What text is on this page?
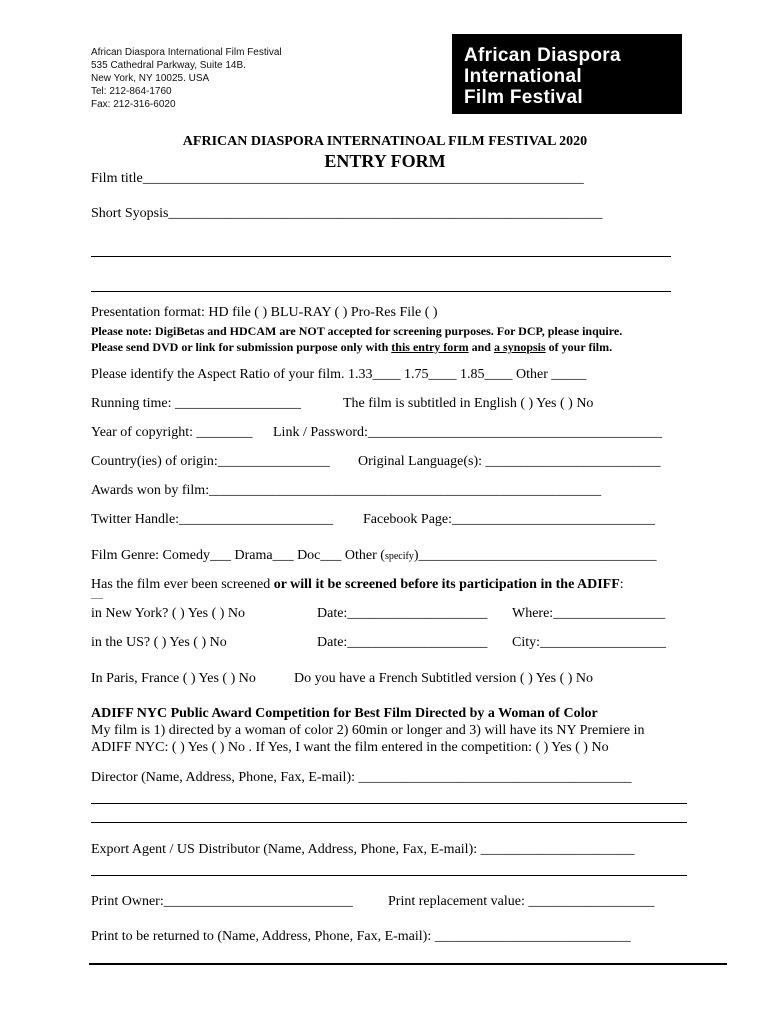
African Diaspora International Film Festival
535 Cathedral Parkway, Suite 14B.
New York, NY 10025. USA
Tel: 212-864-1760
Fax: 212-316-6020
African Diaspora
International
Film Festival
AFRICAN DIASPORA INTERNATINOAL FILM FESTIVAL 2020
ENTRY FORM
Film title_______________________________________________________________
Short Syopsis______________________________________________________________
Presentation format: HD file ( ) BLU-RAY ( ) Pro-Res File ( )
Please note: DigiBetas and HDCAM are NOT accepted for screening purposes. For DCP, please inquire.
Please send DVD or link for submission purpose only with this entry form and a synopsis of your film.
Please identify the Aspect Ratio of your film. 1.33____ 1.75____ 1.85____ Other _____
Running time: __________________	The film is subtitled in English ( ) Yes ( ) No
Year of copyright: ________ Link / Password:__________________________________________
Country(ies) of origin:________________ Original Language(s): _________________________
Awards won by film:________________________________________________________
Twitter Handle:______________________ Facebook Page:_____________________________
Film Genre: Comedy___ Drama___ Doc___ Other (specify)__________________________________
Has the film ever been screened or will it be screened before its participation in the ADIFF:
___
in New York? ( ) Yes ( ) No	Date:____________________ Where:________________
in the US? ( ) Yes ( ) No	Date:____________________ City:__________________
In Paris, France ( ) Yes ( ) No	Do you have a French Subtitled version ( ) Yes ( ) No
ADIFF NYC Public Award Competition for Best Film Directed by a Woman of Color
My film is 1) directed by a woman of color 2) 60min or longer and 3) will have its NY Premiere in
ADIFF NYC: ( ) Yes ( ) No . If Yes, I want the film entered in the competition: ( ) Yes ( ) No
Director (Name, Address, Phone, Fax, E-mail): _______________________________________
Export Agent / US Distributor (Name, Address, Phone, Fax, E-mail): ______________________
Print Owner:___________________________	Print replacement value: __________________
Print to be returned to (Name, Address, Phone, Fax, E-mail): ____________________________
